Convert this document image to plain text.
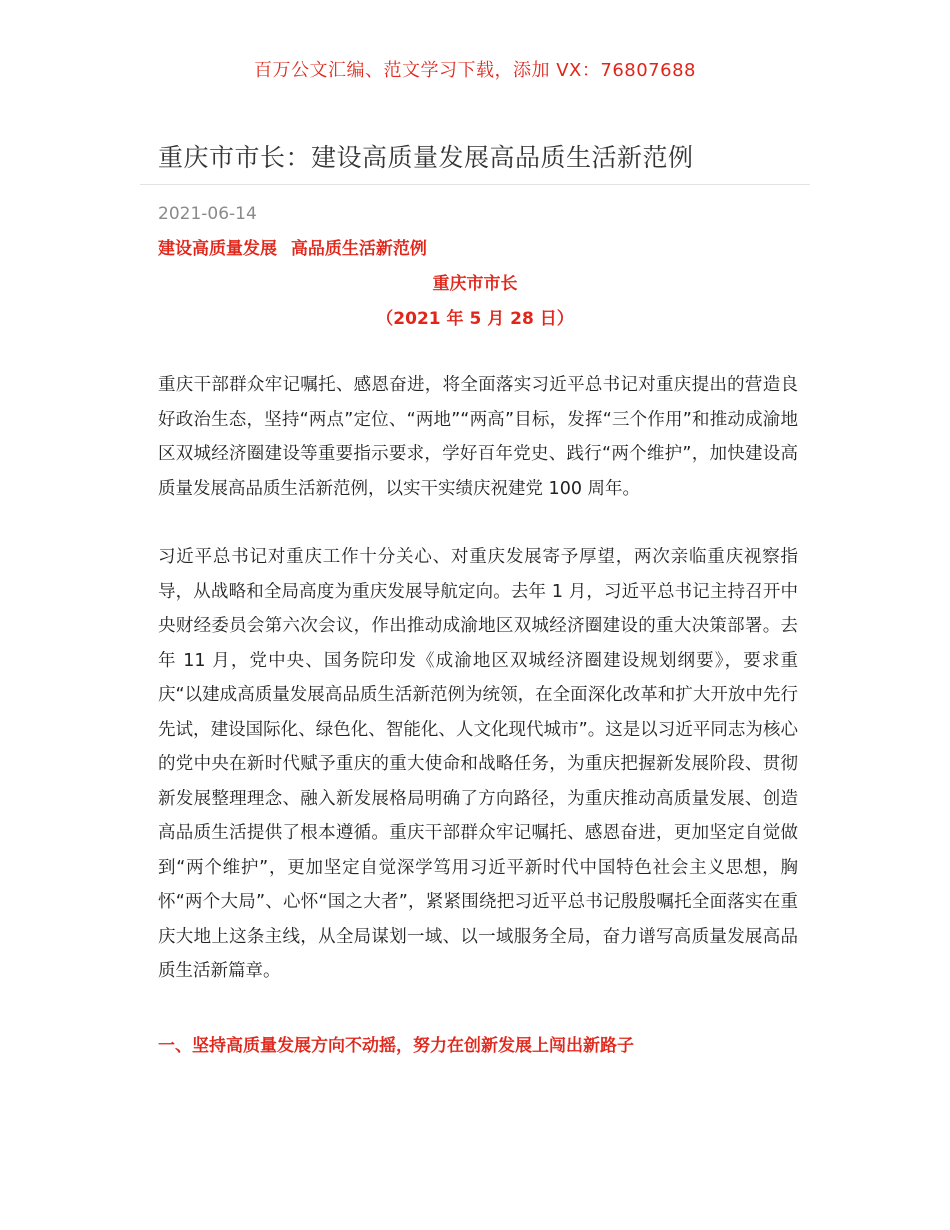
百万公文汇编、范文学习下载，添加 VX：76807688
重庆市市长：建设高质量发展高品质生活新范例
2021-06-14
建设高质量发展 高品质生活新范例
重庆市市长
（2021 年 5 月 28 日）

重庆干部群众牢记嘱托、感恩奋进，将全面落实习近平总书记对重庆提出的营造良好政治生态，坚持“两点”定位、“两地”“两高”目标，发挥“三个作用”和推动成渝地区双城经济圈建设等重要指示要求，学好百年党史、践行“两个维护”，加快建设高质量发展高品质生活新范例，以实干实绩庆祝建党 100 周年。

习近平总书记对重庆工作十分关心、对重庆发展寄予厚望，两次亲临重庆视察指导，从战略和全局高度为重庆发展导航定向。去年 1 月，习近平总书记主持召开中央财经委员会第六次会议，作出推动成渝地区双城经济圈建设的重大决策部署。去年 11 月，党中央、国务院印发《成渝地区双城经济圈建设规划纲要》，要求重庆“以建成高质量发展高品质生活新范例为统领，在全面深化改革和扩大开放中先行先试，建设国际化、绿色化、智能化、人文化现代城市”。这是以习近平同志为核心的党中央在新时代赋予重庆的重大使命和战略任务，为重庆把握新发展阶段、贯彻新发展整理理念、融入新发展格局明确了方向路径，为重庆推动高质量发展、创造高品质生活提供了根本遵循。重庆干部群众牢记嘱托、感恩奋进，更加坚定自觉做到“两个维护”，更加坚定自觉深学笃用习近平新时代中国特色社会主义思想，胸怀“两个大局”、心怀“国之大者”，紧紧围绕把习近平总书记殷殷嘱托全面落实在重庆大地上这条主线，从全局谋划一域、以一域服务全局，奋力谱写高质量发展高品质生活新篇章。

一、坚持高质量发展方向不动摇，努力在创新发展上闯出新路子
